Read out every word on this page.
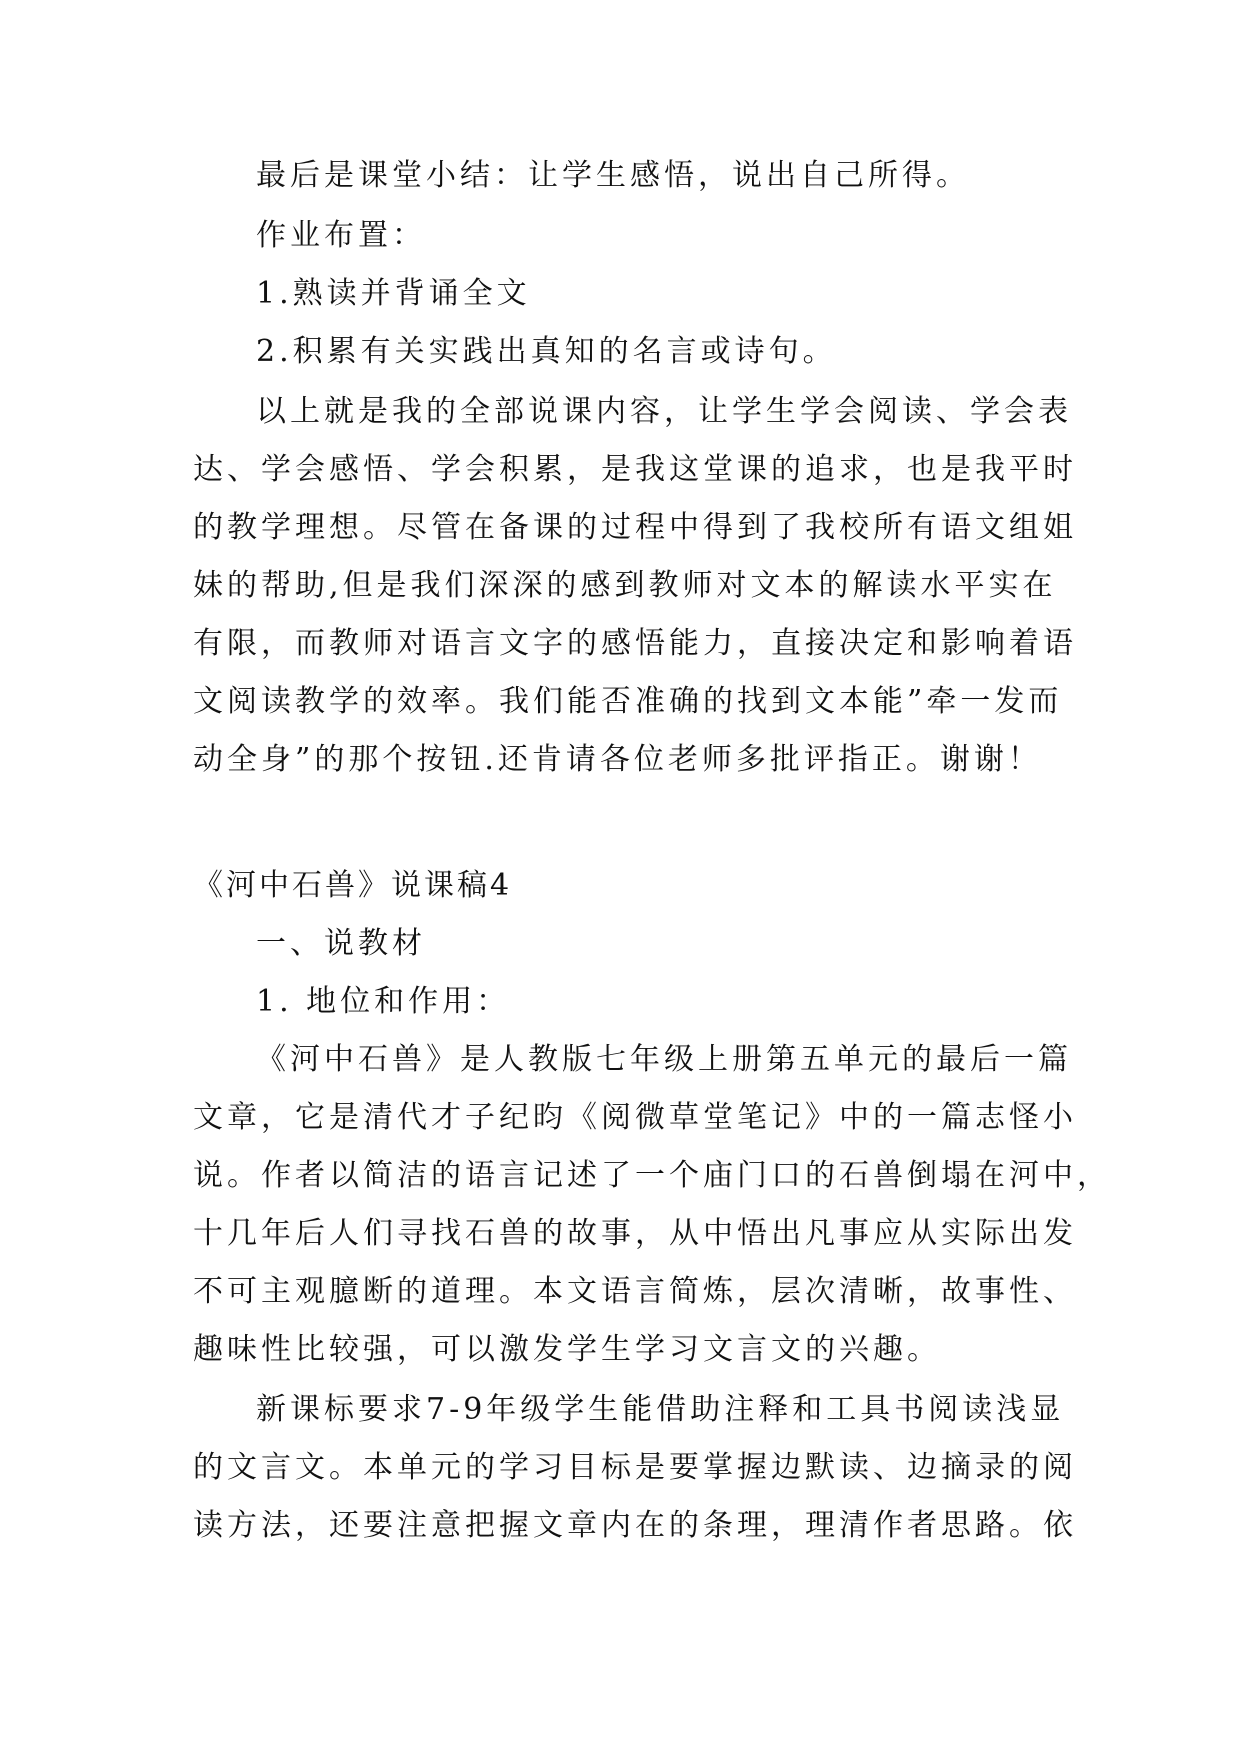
最后是课堂小结：让学生感悟，说出自己所得。
作业布置：
1.熟读并背诵全文
2.积累有关实践出真知的名言或诗句。
以上就是我的全部说课内容，让学生学会阅读、学会表
达、学会感悟、学会积累，是我这堂课的追求，也是我平时
的教学理想。尽管在备课的过程中得到了我校所有语文组姐
妹的帮助,但是我们深深的感到教师对文本的解读水平实在
有限，而教师对语言文字的感悟能力，直接决定和影响着语
文阅读教学的效率。我们能否准确的找到文本能”牵一发而
动全身”的那个按钮.还肯请各位老师多批评指正。谢谢！
《河中石兽》说课稿4
一、说教材
1. 地位和作用：
《河中石兽》是人教版七年级上册第五单元的最后一篇
文章，它是清代才子纪昀《阅微草堂笔记》中的一篇志怪小
说。作者以简洁的语言记述了一个庙门口的石兽倒塌在河中，
十几年后人们寻找石兽的故事，从中悟出凡事应从实际出发
不可主观臆断的道理。本文语言简炼，层次清晰，故事性、
趣味性比较强，可以激发学生学习文言文的兴趣。
新课标要求7-9年级学生能借助注释和工具书阅读浅显
的文言文。本单元的学习目标是要掌握边默读、边摘录的阅
读方法，还要注意把握文章内在的条理，理清作者思路。依
